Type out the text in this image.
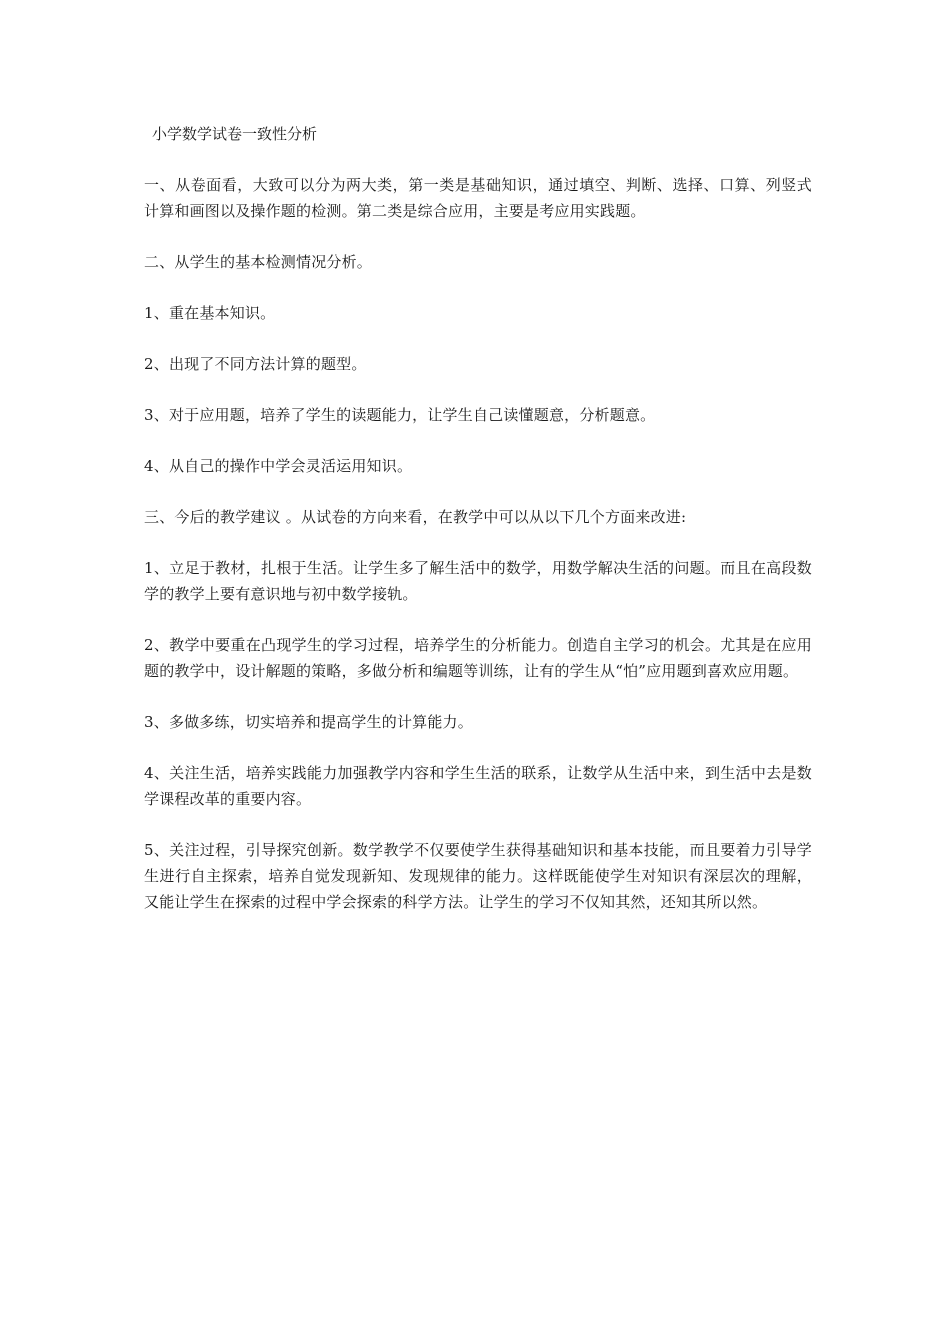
小学数学试卷一致性分析

一、从卷面看，大致可以分为两大类，第一类是基础知识，通过填空、判断、选择、口算、列竖式计算和画图以及操作题的检测。第二类是综合应用，主要是考应用实践题。

二、从学生的基本检测情况分析。

1、重在基本知识。

2、出现了不同方法计算的题型。

3、对于应用题，培养了学生的读题能力，让学生自己读懂题意，分析题意。

4、从自己的操作中学会灵活运用知识。

三、今后的教学建议 。从试卷的方向来看，在教学中可以从以下几个方面来改进:

1、立足于教材，扎根于生活。让学生多了解生活中的数学，用数学解决生活的问题。而且在高段数学的教学上要有意识地与初中数学接轨。

2、教学中要重在凸现学生的学习过程，培养学生的分析能力。创造自主学习的机会。尤其是在应用题的教学中，设计解题的策略，多做分析和编题等训练，让有的学生从“怕”应用题到喜欢应用题。

3、多做多练，切实培养和提高学生的计算能力。

4、关注生活，培养实践能力加强教学内容和学生生活的联系，让数学从生活中来，到生活中去是数学课程改革的重要内容。

5、关注过程，引导探究创新。数学教学不仅要使学生获得基础知识和基本技能，而且要着力引导学生进行自主探索，培养自觉发现新知、发现规律的能力。这样既能使学生对知识有深层次的理解，又能让学生在探索的过程中学会探索的科学方法。让学生的学习不仅知其然，还知其所以然。
